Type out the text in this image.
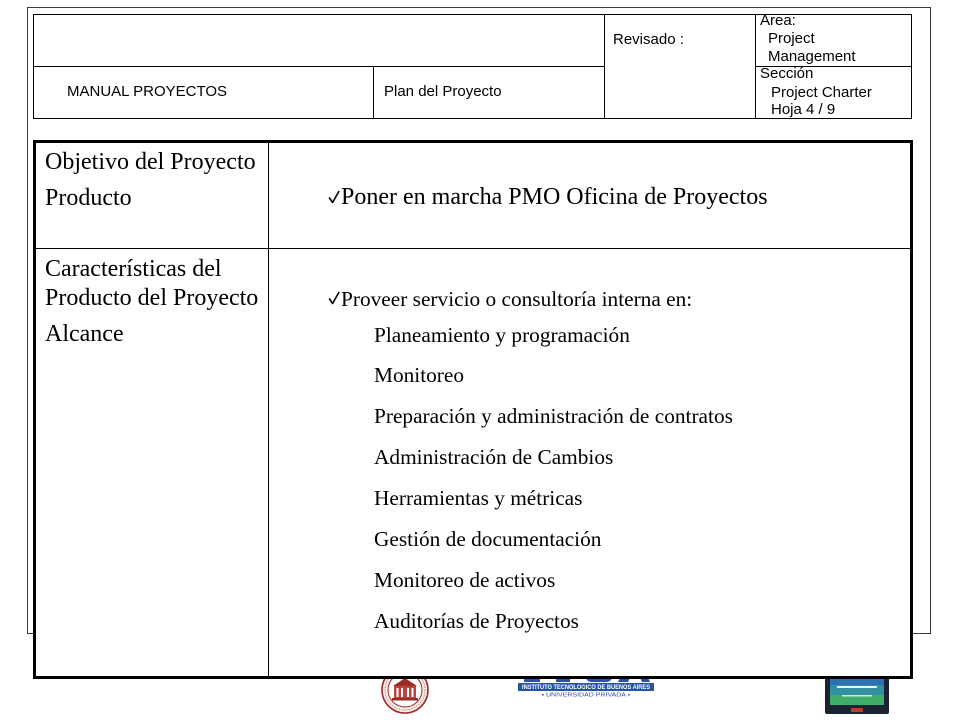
INSTITUTO TECNOLOGICO DE BUENOS AIRES
UNIVERSIDAD PRIVADA
MANUAL PROYECTOS	Plan del Proyecto
Revisado :
Area:
Project
Management
Sección
Project Charter
Hoja 4 / 9
Objetivo del Proyecto
Producto	Poner en marcha PMO Oficina de Proyectos
Características del
Producto del Proyecto
Alcance
Proveer servicio o consultoría interna en:
Planeamiento y programación
Monitoreo
Preparación y administración de contratos
Administración de Cambios
Herramientas y métricas
Gestión de documentación
Monitoreo de activos
Auditorías de Proyectos
